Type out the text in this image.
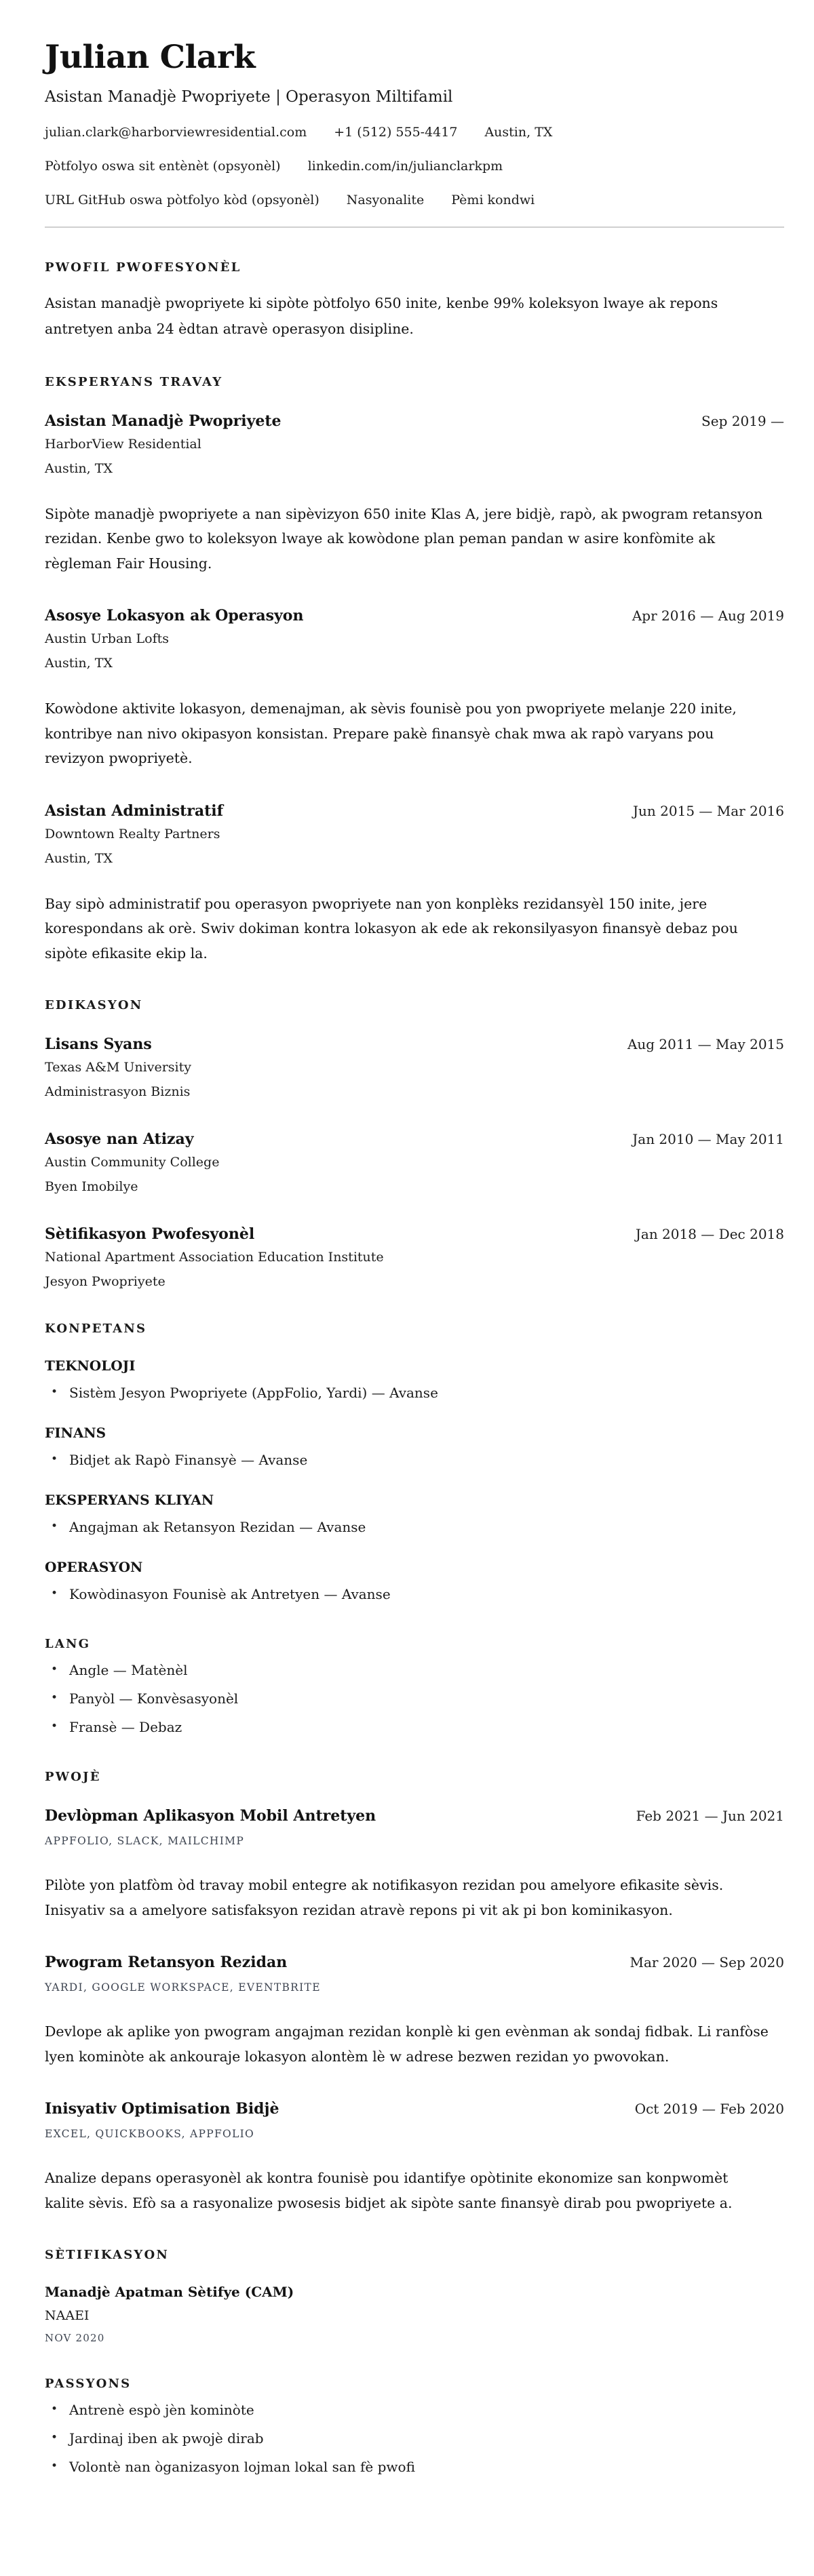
Julian Clark
Asistan Manadjè Pwopriyete | Operasyon Miltifamil
julian.clark@harborviewresidential.com +1 (512) 555-4417 Austin, TX
Pòtfolyo oswa sit entènèt (opsyonèl) linkedin.com/in/julianclarkpm
URL GitHub oswa pòtfolyo kòd (opsyonèl) Nasyonalite Pèmi kondwi
PWOFIL PWOFESYONÈL

Asistan manadjè pwopriyete ki sipòte pòtfolyo 650 inite, kenbe 99% koleksyon lwaye ak repons antretyen anba 24 èdtan atravè operasyon disipline.

EKSPERYANS TRAVAY
Asistan Manadjè Pwopriyete	Sep 2019 —
HarborView Residential
Austin, TX

Sipòte manadjè pwopriyete a nan sipèvizyon 650 inite Klas A, jere bidjè, rapò, ak pwogram retansyon rezidan. Kenbe gwo to koleksyon lwaye ak kowòdone plan peman pandan w asire konfòmite ak règleman Fair Housing.

Asosye Lokasyon ak Operasyon	Apr 2016 — Aug 2019
Austin Urban Lofts
Austin, TX

Kowòdone aktivite lokasyon, demenajman, ak sèvis founisè pou yon pwopriyete melanje 220 inite, kontribye nan nivo okipasyon konsistan. Prepare pakè finansyè chak mwa ak rapò varyans pou revizyon pwopriyetè.

Asistan Administratif	Jun 2015 — Mar 2016
Downtown Realty Partners
Austin, TX

Bay sipò administratif pou operasyon pwopriyete nan yon konplèks rezidansyèl 150 inite, jere korespondans ak orè. Swiv dokiman kontra lokasyon ak ede ak rekonsilyasyon finansyè debaz pou sipòte efikasite ekip la.

EDIKASYON
Lisans Syans	Aug 2011 — May 2015
Texas A&M University
Administrasyon Biznis
Asosye nan Atizay	Jan 2010 — May 2011
Austin Community College
Byen Imobilye
Sètifikasyon Pwofesyonèl	Jan 2018 — Dec 2018
National Apartment Association Education Institute
Jesyon Pwopriyete
KONPETANS
TEKNOLOJI
• Sistèm Jesyon Pwopriyete (AppFolio, Yardi) — Avanse
FINANS
• Bidjet ak Rapò Finansyè — Avanse
EKSPERYANS KLIYAN
• Angajman ak Retansyon Rezidan — Avanse
OPERASYON
• Kowòdinasyon Founisè ak Antretyen — Avanse
LANG
• Angle — Matènèl
• Panyòl — Konvèsasyonèl
• Fransè — Debaz
PWOJÈ
Devlòpman Aplikasyon Mobil Antretyen	Feb 2021 — Jun 2021
APPFOLIO, SLACK, MAILCHIMP

Pilòte yon platfòm òd travay mobil entegre ak notifikasyon rezidan pou amelyore efikasite sèvis. Inisyativ sa a amelyore satisfaksyon rezidan atravè repons pi vit ak pi bon kominikasyon.

Pwogram Retansyon Rezidan	Mar 2020 — Sep 2020
YARDI, GOOGLE WORKSPACE, EVENTBRITE

Devlope ak aplike yon pwogram angajman rezidan konplè ki gen evènman ak sondaj fidbak. Li ranfòse lyen kominòte ak ankouraje lokasyon alontèm lè w adrese bezwen rezidan yo pwovokan.

Inisyativ Optimisation Bidjè	Oct 2019 — Feb 2020
EXCEL, QUICKBOOKS, APPFOLIO

Analize depans operasyonèl ak kontra founisè pou idantifye opòtinite ekonomize san konpwomèt kalite sèvis. Efò sa a rasyonalize pwosesis bidjet ak sipòte sante finansyè dirab pou pwopriyete a.

SÈTIFIKASYON
Manadjè Apatman Sètifye (CAM)
NAAEI
NOV 2020
PASSYONS
• Antrenè espò jèn kominòte
• Jardinaj iben ak pwojè dirab
• Volontè nan òganizasyon lojman lokal san fè pwofi
